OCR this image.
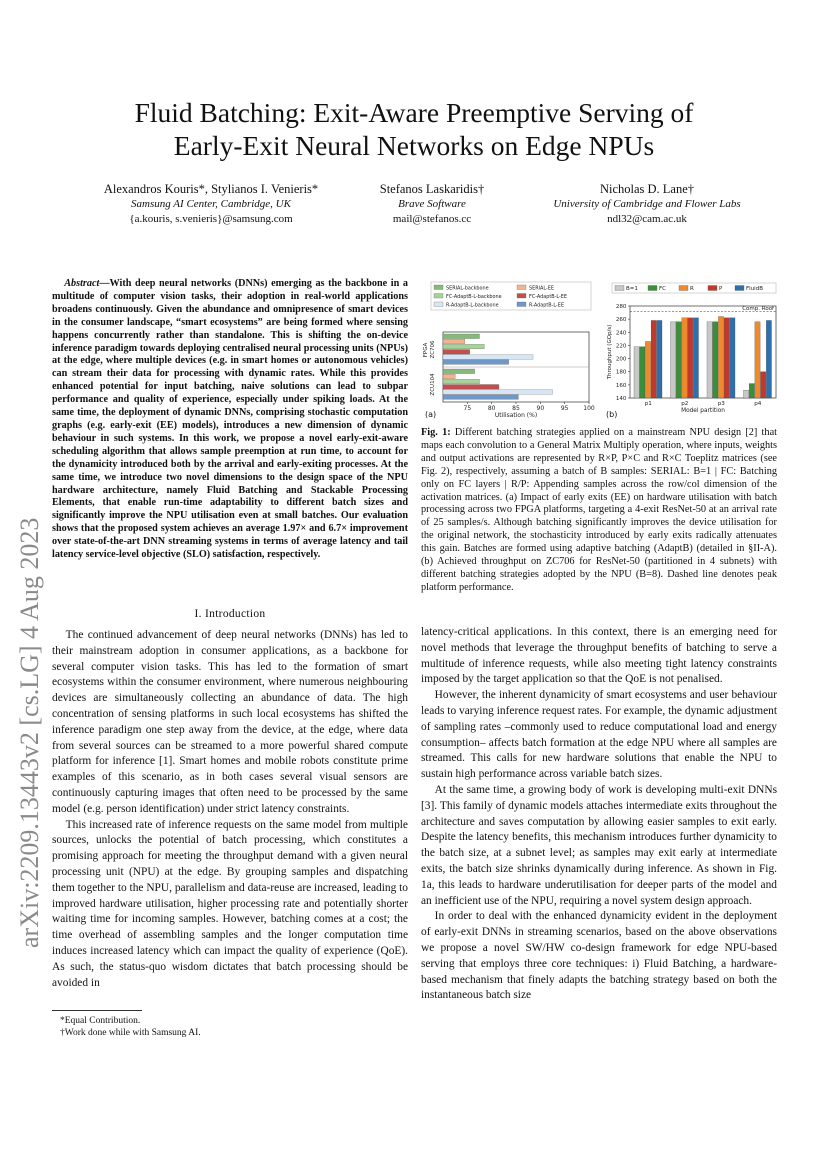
arXiv:2209.13443v2 [cs.LG] 4 Aug 2023
Fluid Batching: Exit-Aware Preemptive Serving of
Early-Exit Neural Networks on Edge NPUs
Alexandros Kouris*, Stylianos I. Venieris*
Samsung AI Center, Cambridge, UK
{a.kouris, s.venieris}@samsung.com
Stefanos Laskaridis†
Brave Software
mail@stefanos.cc
Nicholas D. Lane†
University of Cambridge and Flower Labs
ndl32@cam.ac.uk

Abstract—With deep neural networks (DNNs) emerging as the backbone in a multitude of computer vision tasks, their adoption in real-world applications broadens continuously. Given the abundance and omnipresence of smart devices in the consumer landscape, “smart ecosystems” are being formed where sensing happens concurrently rather than standalone. This is shifting the on-device inference paradigm towards deploying centralised neural processing units (NPUs) at the edge, where multiple devices (e.g. in smart homes or autonomous vehicles) can stream their data for processing with dynamic rates. While this provides enhanced potential for input batching, naive solutions can lead to subpar performance and quality of experience, especially under spiking loads. At the same time, the deployment of dynamic DNNs, comprising stochastic computation graphs (e.g. early-exit (EE) models), introduces a new dimension of dynamic behaviour in such systems. In this work, we propose a novel early-exit-aware scheduling algorithm that allows sample preemption at run time, to account for the dynamicity introduced both by the arrival and early-exiting processes. At the same time, we introduce two novel dimensions to the design space of the NPU hardware architecture, namely Fluid Batching and Stackable Processing Elements, that enable run-time adaptability to different batch sizes and significantly improve the NPU utilisation even at small batches. Our evaluation shows that the proposed system achieves an average 1.97× and 6.7× improvement over state-of-the-art DNN streaming systems in terms of average latency and tail latency service-level objective (SLO) satisfaction, respectively.

I. Introduction

The continued advancement of deep neural networks (DNNs) has led to their mainstream adoption in consumer applications, as a backbone for several computer vision tasks. This has led to the formation of smart ecosystems within the consumer environment, where numerous neighbouring devices are simultaneously collecting an abundance of data. The high concentration of sensing platforms in such local ecosystems has shifted the inference paradigm one step away from the device, at the edge, where data from several sources can be streamed to a more powerful shared compute platform for inference [1]. Smart homes and mobile robots constitute prime examples of this scenario, as in both cases several visual sensors are continuously capturing images that often need to be processed by the same model (e.g. person identification) under strict latency constraints.

This increased rate of inference requests on the same model from multiple sources, unlocks the potential of batch processing, which constitutes a promising approach for meeting the throughput demand with a given neural processing unit (NPU) at the edge. By grouping samples and dispatching them together to the NPU, parallelism and data-reuse are increased, leading to improved hardware utilisation, higher processing rate and potentially shorter waiting time for incoming samples. However, batching comes at a cost; the time overhead of assembling samples and the longer computation time induces increased latency which can impact the quality of experience (QoE). As such, the status-quo wisdom dictates that batch processing should be avoided in

*Equal Contribution.
†Work done while with Samsung AI.
SERIAL-backbone	SERIAL-EE
FC-AdaptB-L-backbone	FC-AdaptB-L-EE
R-AdaptB-L-backbone	R-AdaptB-L-EE
75	80	85	90	95 100
Utilisation (%)
FPGA ZC706
ZCU104
(a)
B=1	FC	R	P	FluidB
140
160
180
200
220
240
260
280
Throughput (GOp/s)
Comp. Roof
p1	p2	p3	p4
Model partition
(b)
Fig. 1: Different batching strategies applied on a mainstream NPU design [2] that maps each convolution to a General Matrix Multiply operation, where inputs, weights and output activations are represented by R×P, P×C and R×C Toeplitz matrices (see Fig. 2), respectively, assuming a batch of B samples: SERIAL: B=1 | FC: Batching only on FC layers | R/P: Appending samples across the row/col dimension of the activation matrices. (a) Impact of early exits (EE) on hardware utilisation with batch processing across two FPGA platforms, targeting a 4-exit ResNet-50 at an arrival rate of 25 samples/s. Although batching significantly improves the device utilisation for the original network, the stochasticity introduced by early exits radically attenuates this gain. Batches are formed using adaptive batching (AdaptB) (detailed in §II-A). (b) Achieved throughput on ZC706 for ResNet-50 (partitioned in 4 subnets) with different batching strategies adopted by the NPU (B=8). Dashed line denotes peak platform performance.

latency-critical applications. In this context, there is an emerging need for novel methods that leverage the throughput benefits of batching to serve a multitude of inference requests, while also meeting tight latency constraints imposed by the target application so that the QoE is not penalised.

However, the inherent dynamicity of smart ecosystems and user behaviour leads to varying inference request rates. For example, the dynamic adjustment of sampling rates –commonly used to reduce computational load and energy consumption– affects batch formation at the edge NPU where all samples are streamed. This calls for new hardware solutions that enable the NPU to sustain high performance across variable batch sizes.

At the same time, a growing body of work is developing multi-exit DNNs [3]. This family of dynamic models attaches intermediate exits throughout the architecture and saves computation by allowing easier samples to exit early. Despite the latency benefits, this mechanism introduces further dynamicity to the batch size, at a subnet level; as samples may exit early at intermediate exits, the batch size shrinks dynamically during inference. As shown in Fig. 1a, this leads to hardware underutilisation for deeper parts of the model and an inefficient use of the NPU, requiring a novel system design approach.

In order to deal with the enhanced dynamicity evident in the deployment of early-exit DNNs in streaming scenarios, based on the above observations we propose a novel SW/HW co-design framework for edge NPU-based serving that employs three core techniques: i) Fluid Batching, a hardware-based mechanism that finely adapts the batching strategy based on both the instantaneous batch size
